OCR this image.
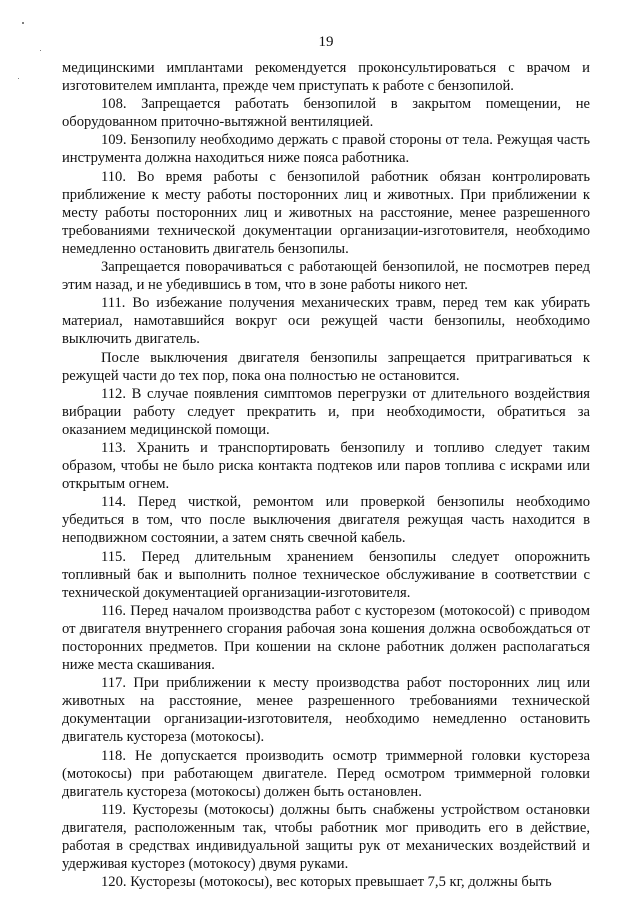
19

медицинскими имплантами рекомендуется проконсультироваться с врачом и изготовителем импланта, прежде чем приступать к работе с бензопилой.

108. Запрещается работать бензопилой в закрытом помещении, не оборудованном приточно-вытяжной вентиляцией.

109. Бензопилу необходимо держать с правой стороны от тела. Режущая часть инструмента должна находиться ниже пояса работника.

110. Во время работы с бензопилой работник обязан контролировать приближение к месту работы посторонних лиц и животных. При приближении к месту работы посторонних лиц и животных на расстояние, менее разрешенного требованиями технической документации организации-изготовителя, необходимо немедленно остановить двигатель бензопилы.

Запрещается поворачиваться с работающей бензопилой, не посмотрев перед этим назад, и не убедившись в том, что в зоне работы никого нет.

111. Во избежание получения механических травм, перед тем как убирать материал, намотавшийся вокруг оси режущей части бензопилы, необходимо выключить двигатель.

После выключения двигателя бензопилы запрещается притрагиваться к режущей части до тех пор, пока она полностью не остановится.

112. В случае появления симптомов перегрузки от длительного воздействия вибрации работу следует прекратить и, при необходимости, обратиться за оказанием медицинской помощи.

113. Хранить и транспортировать бензопилу и топливо следует таким образом, чтобы не было риска контакта подтеков или паров топлива с искрами или открытым огнем.

114. Перед чисткой, ремонтом или проверкой бензопилы необходимо убедиться в том, что после выключения двигателя режущая часть находится в неподвижном состоянии, а затем снять свечной кабель.

115. Перед длительным хранением бензопилы следует опорожнить топливный бак и выполнить полное техническое обслуживание в соответствии с технической документацией организации-изготовителя.

116. Перед началом производства работ с кусторезом (мотокосой) с приводом от двигателя внутреннего сгорания рабочая зона кошения должна освобождаться от посторонних предметов. При кошении на склоне работник должен располагаться ниже места скашивания.

117. При приближении к месту производства работ посторонних лиц или животных на расстояние, менее разрешенного требованиями технической документации организации-изготовителя, необходимо немедленно остановить двигатель кустореза (мотокосы).

118. Не допускается производить осмотр триммерной головки кустореза (мотокосы) при работающем двигателе. Перед осмотром триммерной головки двигатель кустореза (мотокосы) должен быть остановлен.

119. Кусторезы (мотокосы) должны быть снабжены устройством остановки двигателя, расположенным так, чтобы работник мог приводить его в действие, работая в средствах индивидуальной защиты рук от механических воздействий и удерживая кусторез (мотокосу) двумя руками.

120. Кусторезы (мотокосы), вес которых превышает 7,5 кг, должны быть
